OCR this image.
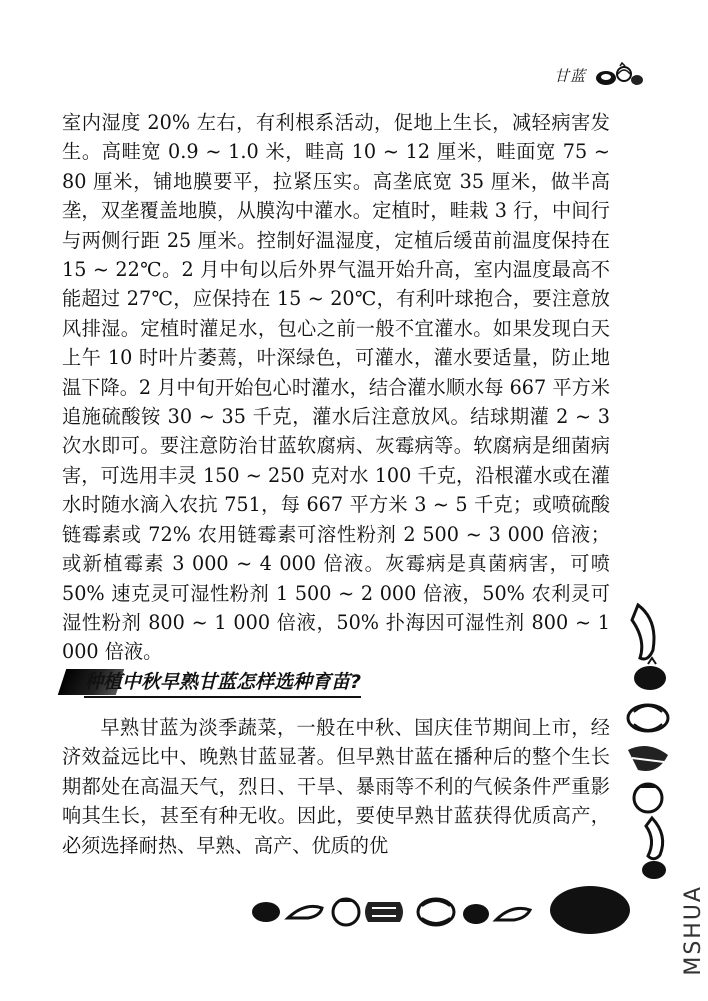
甘蓝

室内湿度 20% 左右，有利根系活动，促地上生长，减轻病害发生。高畦宽 0.9 ~ 1.0 米，畦高 10 ~ 12 厘米，畦面宽 75 ~ 80 厘米，铺地膜要平，拉紧压实。高垄底宽 35 厘米，做半高垄，双垄覆盖地膜，从膜沟中灌水。定植时，畦栽 3 行，中间行与两侧行距 25 厘米。控制好温湿度，定植后缓苗前温度保持在 15 ~ 22℃。2 月中旬以后外界气温开始升高，室内温度最高不能超过 27℃，应保持在 15 ~ 20℃，有利叶球抱合，要注意放风排湿。定植时灌足水，包心之前一般不宜灌水。如果发现白天上午 10 时叶片萎蔫，叶深绿色，可灌水，灌水要适量，防止地温下降。2 月中旬开始包心时灌水，结合灌水顺水每 667 平方米追施硫酸铵 30 ~ 35 千克，灌水后注意放风。结球期灌 2 ~ 3 次水即可。要注意防治甘蓝软腐病、灰霉病等。软腐病是细菌病害，可选用丰灵 150 ~ 250 克对水 100 千克，沿根灌水或在灌水时随水滴入农抗 751，每 667 平方米 3 ~ 5 千克；或喷硫酸链霉素或 72% 农用链霉素可溶性粉剂 2 500 ~ 3 000 倍液；或新植霉素 3 000 ~ 4 000 倍液。灰霉病是真菌病害，可喷 50% 速克灵可湿性粉剂 1 500 ~ 2 000 倍液，50% 农利灵可湿性粉剂 800 ~ 1 000 倍液，50% 扑海因可湿性剂 800 ~ 1 000 倍液。

种植中秋早熟甘蓝怎样选种育苗?

早熟甘蓝为淡季蔬菜，一般在中秋、国庆佳节期间上市，经济效益远比中、晚熟甘蓝显著。但早熟甘蓝在播种后的整个生长期都处在高温天气，烈日、干旱、暴雨等不利的气候条件严重影响其生长，甚至有种无收。因此，要使早熟甘蓝获得优质高产，必须选择耐热、早熟、高产、优质的优

MSHUA
